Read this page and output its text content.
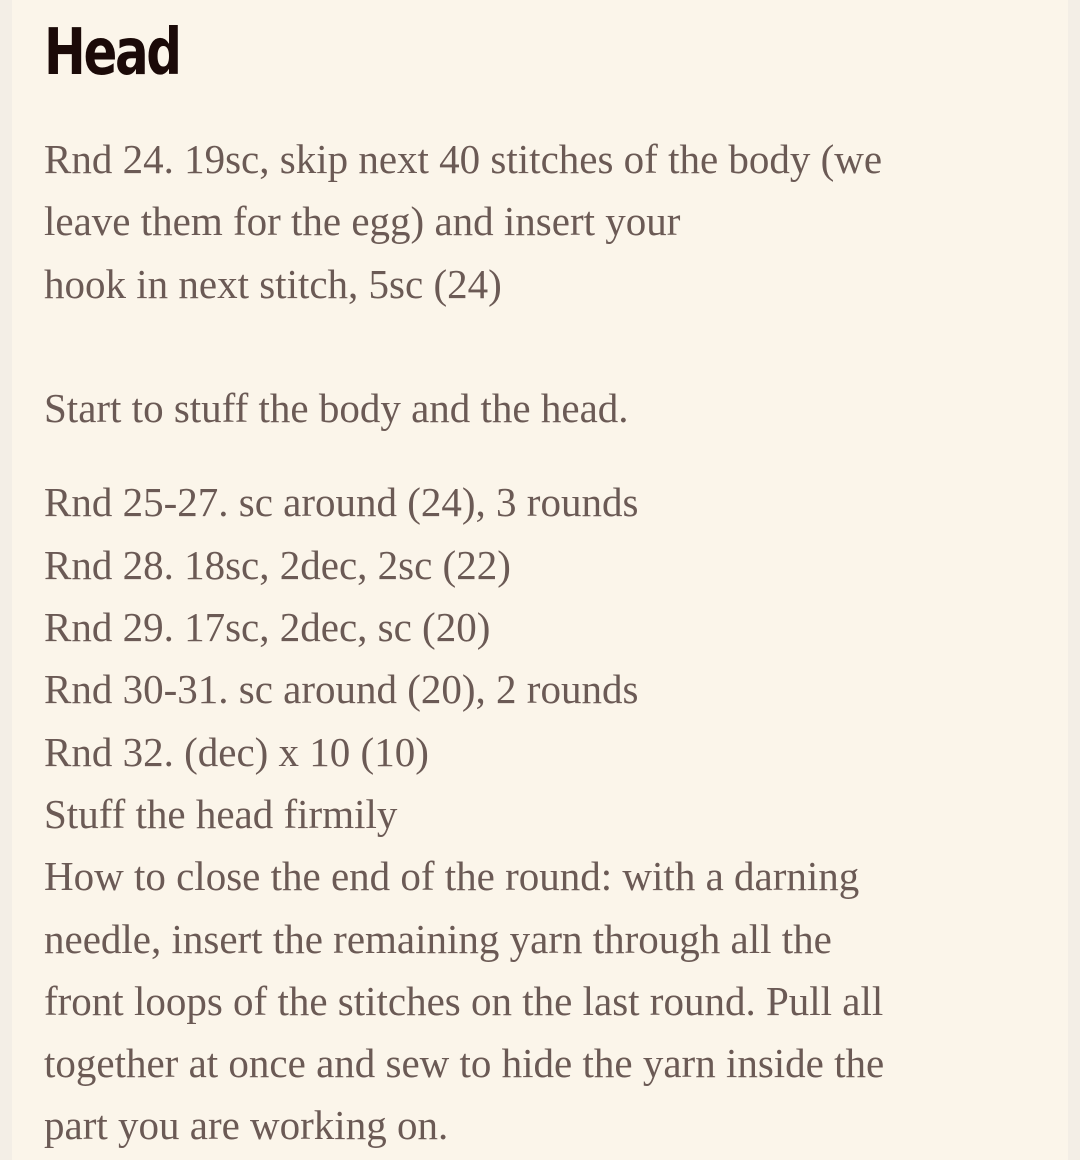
Head
Rnd 24. 19sc, skip next 40 stitches of the body (we
leave them for the egg) and insert your
hook in next stitch, 5sc (24)
Start to stuff the body and the head.
Rnd 25-27. sc around (24), 3 rounds
Rnd 28. 18sc, 2dec, 2sc (22)
Rnd 29. 17sc, 2dec, sc (20)
Rnd 30-31. sc around (20), 2 rounds
Rnd 32. (dec) x 10 (10)
Stuff the head firmily
How to close the end of the round: with a darning
needle, insert the remaining yarn through all the
front loops of the stitches on the last round. Pull all
together at once and sew to hide the yarn inside the
part you are working on.
